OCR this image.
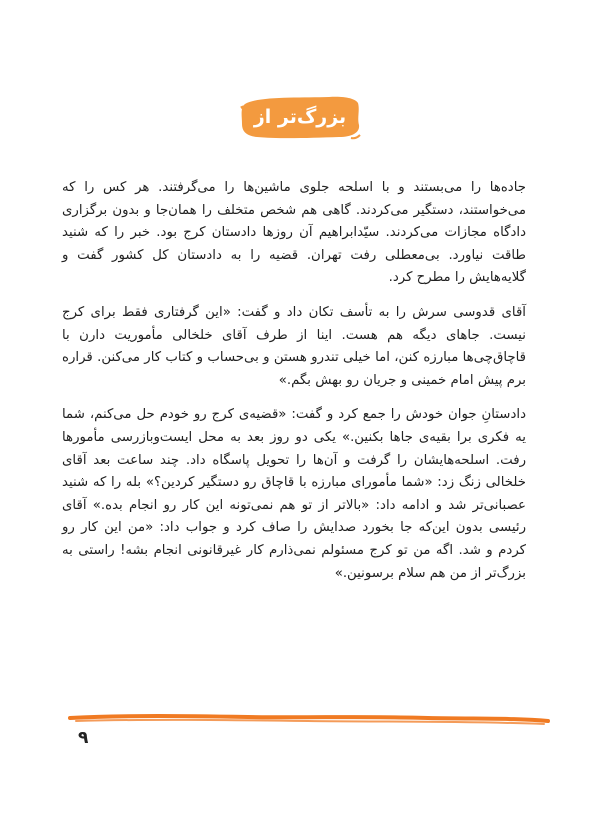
بزرگ‌تر از من

جاده‌ها را می‌بستند و با اسلحه جلوی ماشین‌ها را می‌گرفتند. هر کس را که می‌خواستند، دستگیر می‌کردند. گاهی هم شخص متخلف را همان‌جا و بدون برگزاری دادگاه مجازات می‌کردند. سیّدابراهیم آن روزها دادستان کرج بود. خبر را که شنید طاقت نیاورد. بی‌معطلی رفت تهران. قضیه را به دادستان کل کشور گفت و گلایه‌هایش را مطرح کرد.

آقای قدوسی سرش را به تأسف تکان داد و گفت: «این گرفتاری فقط برای کرج نیست. جاهای دیگه هم هست. اینا از طرف آقای خلخالی مأموریت دارن با قاچاق‌چی‌ها مبارزه کنن، اما خیلی تندرو هستن و بی‌حساب و کتاب کار می‌کنن. قراره برم پیش امام خمینی و جریان رو بهش بگم.»

دادستانِ جوان خودش را جمع کرد و گفت: «قضیه‌ی کرج رو خودم حل می‌کنم، شما یه فکری برا بقیه‌ی جاها بکنین.» یکی دو روز بعد به محل ایست‌وبازرسی مأمورها رفت. اسلحه‌هایشان را گرفت و آن‌ها را تحویل پاسگاه داد. چند ساعت بعد آقای خلخالی زنگ زد: «شما مأمورای مبارزه با قاچاق رو دستگیر کردین؟» بله را که شنید عصبانی‌تر شد و ادامه داد: «بالاتر از تو هم نمی‌تونه این کار رو انجام بده.» آقای رئیسی بدون این‌که جا بخورد صدایش را صاف کرد و جواب داد: «من این کار رو کردم و شد. اگه من تو کرج مسئولم نمی‌ذارم کار غیرقانونی انجام بشه! راستی به بزرگ‌تر از من هم سلام برسونین.»

۹
